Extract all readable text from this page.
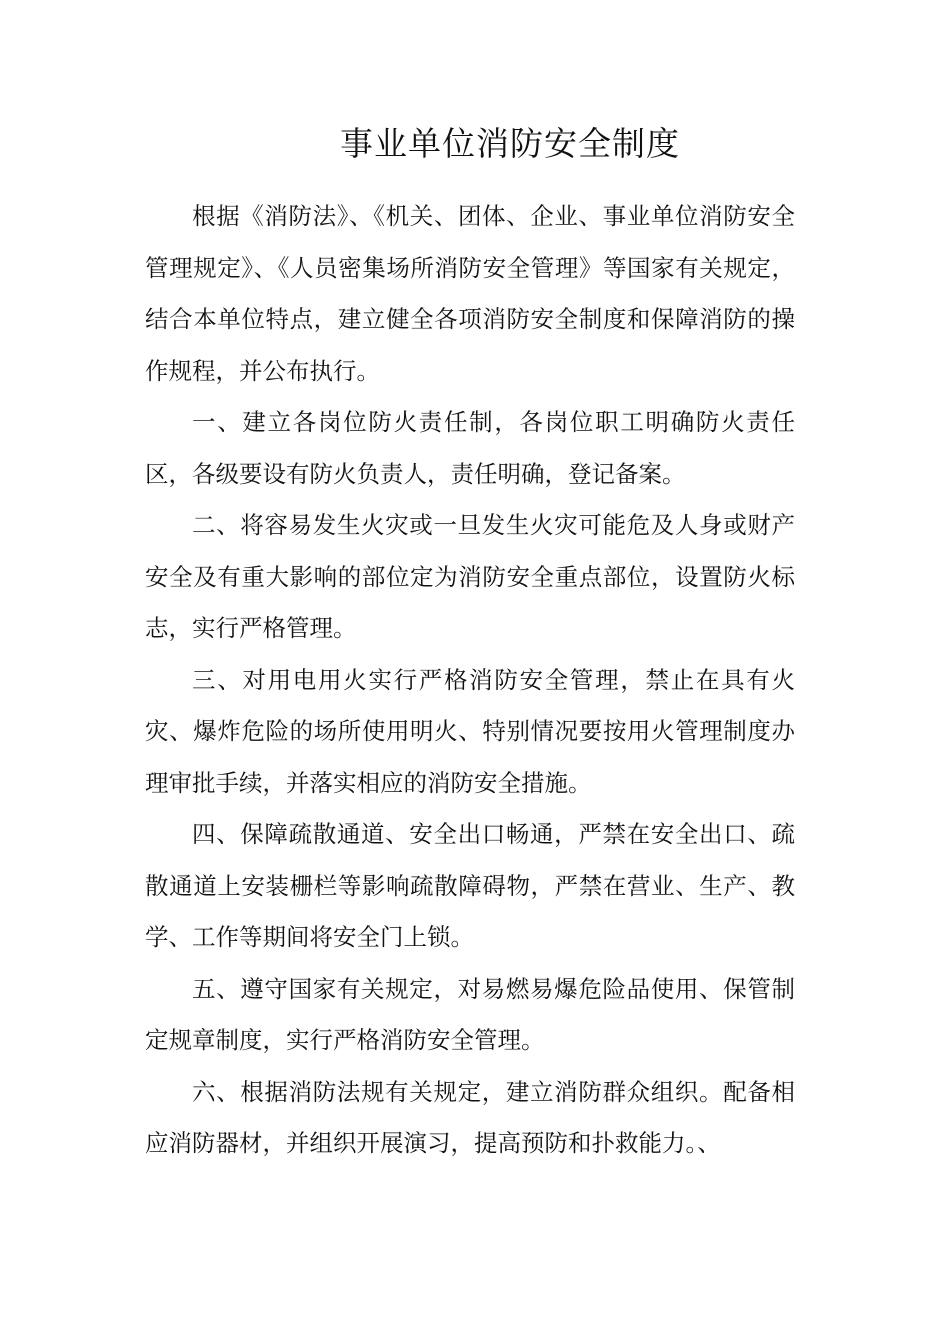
事业单位消防安全制度

根据《消防法》、《机关、团体、企业、事业单位消防安全管理规定》、《人员密集场所消防安全管理》等国家有关规定，结合本单位特点，建立健全各项消防安全制度和保障消防的操作规程，并公布执行。

一、建立各岗位防火责任制，各岗位职工明确防火责任区，各级要设有防火负责人，责任明确，登记备案。

二、将容易发生火灾或一旦发生火灾可能危及人身或财产安全及有重大影响的部位定为消防安全重点部位，设置防火标志，实行严格管理。

三、对用电用火实行严格消防安全管理，禁止在具有火灾、爆炸危险的场所使用明火、特别情况要按用火管理制度办理审批手续，并落实相应的消防安全措施。

四、保障疏散通道、安全出口畅通，严禁在安全出口、疏散通道上安装栅栏等影响疏散障碍物，严禁在营业、生产、教学、工作等期间将安全门上锁。

五、遵守国家有关规定，对易燃易爆危险品使用、保管制定规章制度，实行严格消防安全管理。

六、根据消防法规有关规定，建立消防群众组织。配备相应消防器材，并组织开展演习，提高预防和扑救能力。、
